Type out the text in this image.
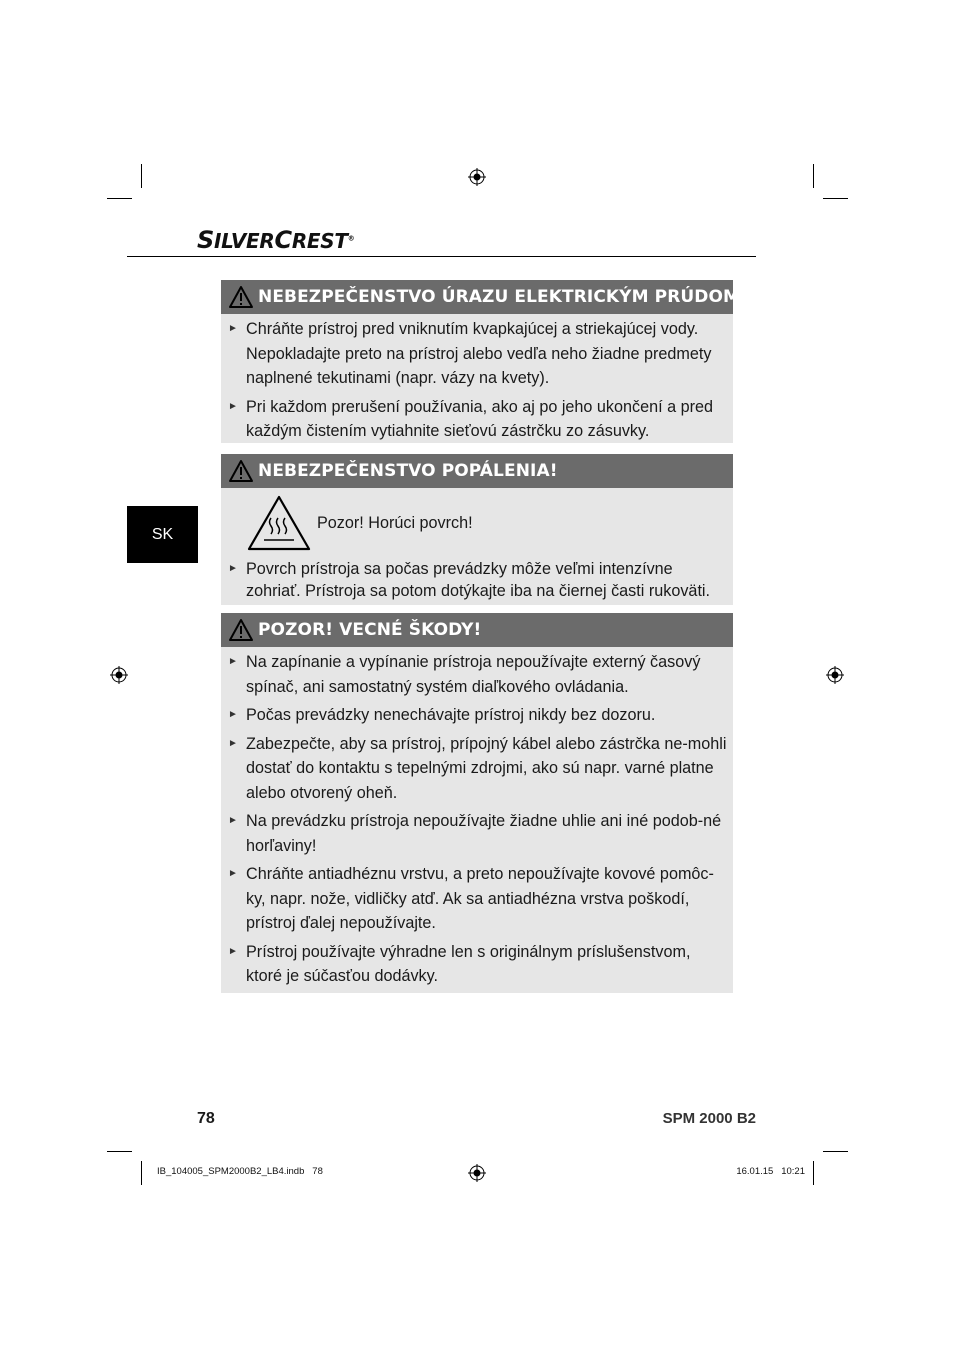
SILVERCREST®
SK
NEBEZPEČENSTVO ÚRAZU ELEKTRICKÝM PRÚDOM!
► Chráňte prístroj pred vniknutím kvapkajúcej a striekajúcej vody. Nepokladajte preto na prístroj alebo vedľa neho žiadne predmety naplnené tekutinami (napr. vázy na kvety).
► Pri každom prerušení používania, ako aj po jeho ukončení a pred každým čistením vytiahnite sieťovú zástrčku zo zásuvky.
NEBEZPEČENSTVO POPÁLENIA!
Pozor! Horúci povrch!
► Povrch prístroja sa počas prevádzky môže veľmi intenzívne zohriať. Prístroja sa potom dotýkajte iba na čiernej časti rukoväti.
POZOR! VECNÉ ŠKODY!
► Na zapínanie a vypínanie prístroja nepoužívajte externý časový spínač, ani samostatný systém diaľkového ovládania.
► Počas prevádzky nenechávajte prístroj nikdy bez dozoru.
► Zabezpečte, aby sa prístroj, prípojný kábel alebo zástrčka ne-mohli dostať do kontaktu s tepelnými zdrojmi, ako sú napr. varné platne alebo otvorený oheň.
► Na prevádzku prístroja nepoužívajte žiadne uhlie ani iné podob-né horľaviny!
► Chráňte antiadhéznu vrstvu, a preto nepoužívajte kovové pomôc-ky, napr. nože, vidličky atď. Ak sa antiadhézna vrstva poškodí, prístroj ďalej nepoužívajte.
► Prístroj používajte výhradne len s originálnym príslušenstvom, ktoré je súčasťou dodávky.
78	SPM 2000 B2
IB_104005_SPM2000B2_LB4.indb   78	16.01.15   10:21
